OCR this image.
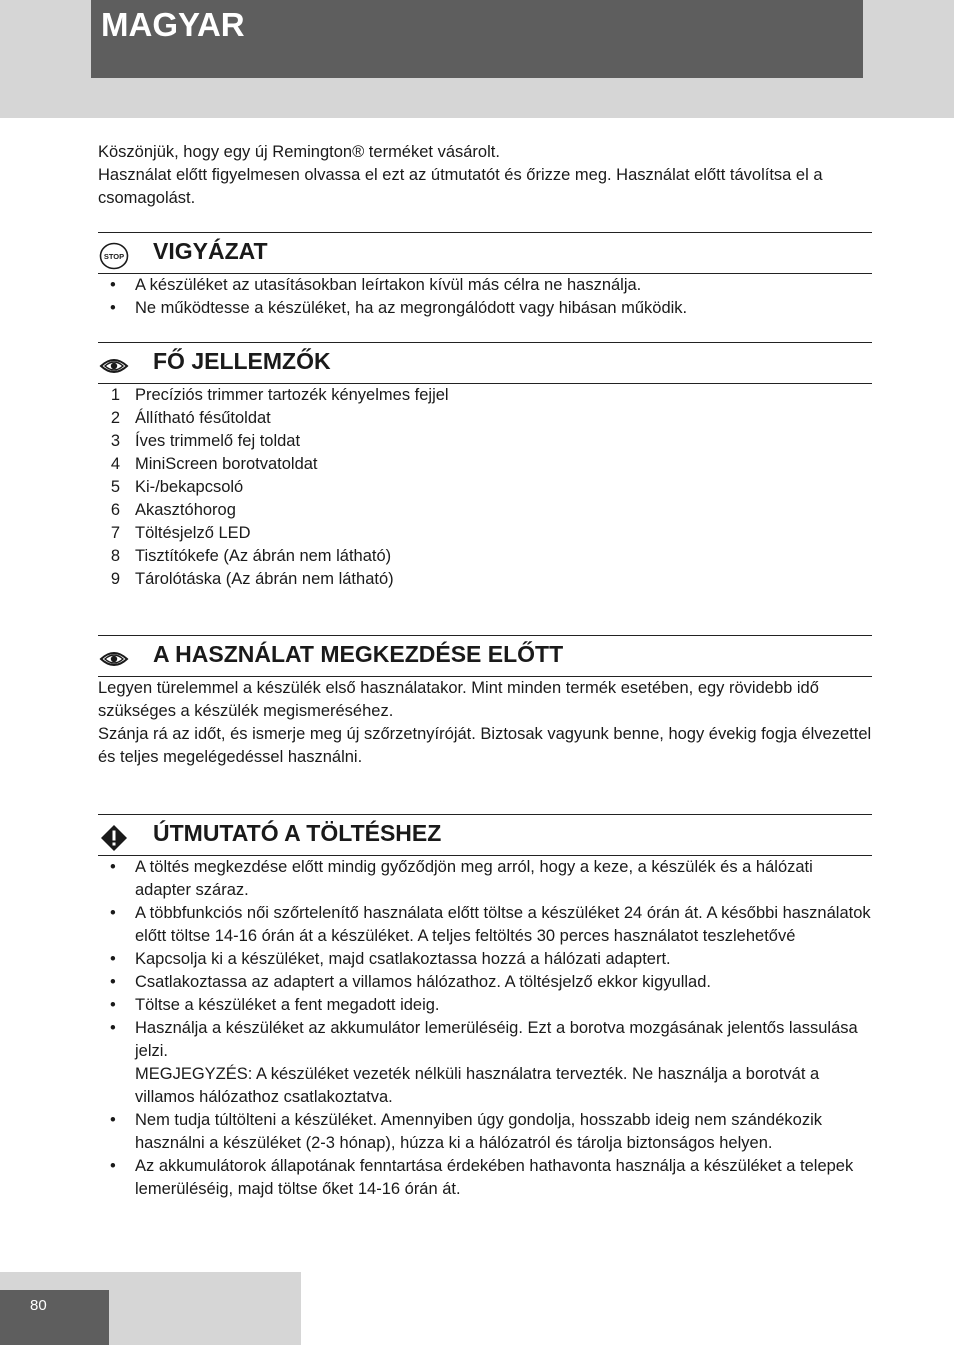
MAGYAR

Köszönjük, hogy egy új Remington® terméket vásárolt.

Használat előtt figyelmesen olvassa el ezt az útmutatót és őrizze meg. Használat előtt távolítsa el a csomagolást.

STOP VIGYÁZAT
• A készüléket az utasításokban leírtakon kívül más célra ne használja.
• Ne működtesse a készüléket, ha az megrongálódott vagy hibásan működik.
FŐ JELLEMZŐK
1 Precíziós trimmer tartozék kényelmes fejjel
2 Állítható fésűtoldat
3 Íves trimmelő fej toldat
4 MiniScreen borotvatoldat
5 Ki-/bekapcsoló
6 Akasztóhorog
7 Töltésjelző LED
8 Tisztítókefe (Az ábrán nem látható)
9 Tárolótáska (Az ábrán nem látható)
A HASZNÁLAT MEGKEZDÉSE ELŐTT

Legyen türelemmel a készülék első használatakor. Mint minden termék esetében, egy rövidebb idő szükséges a készülék megismeréséhez.

Szánja rá az időt, és ismerje meg új szőrzetnyíróját. Biztosak vagyunk benne, hogy évekig fogja élvezettel és teljes megelégedéssel használni.

ÚTMUTATÓ A TÖLTÉSHEZ
• A töltés megkezdése előtt mindig győződjön meg arról, hogy a keze, a készülék és a hálózati adapter száraz.
• A többfunkciós női szőrtelenítő használata előtt töltse a készüléket 24 órán át. A későbbi használatok előtt töltse 14-16 órán át a készüléket. A teljes feltöltés 30 perces használatot teszlehetővé
• Kapcsolja ki a készüléket, majd csatlakoztassa hozzá a hálózati adaptert.
• Csatlakoztassa az adaptert a villamos hálózathoz. A töltésjelző ekkor kigyullad.
• Töltse a készüléket a fent megadott ideig.
• Használja a készüléket az akkumulátor lemerüléséig. Ezt a borotva mozgásának jelentős lassulása jelzi.
MEGJEGYZÉS: A készüléket vezeték nélküli használatra tervezték. Ne használja a borotvát a villamos hálózathoz csatlakoztatva.
• Nem tudja túltölteni a készüléket. Amennyiben úgy gondolja, hosszabb ideig nem szándékozik használni a készüléket (2-3 hónap), húzza ki a hálózatról és tárolja biztonságos helyen.
• Az akkumulátorok állapotának fenntartása érdekében hathavonta használja a készüléket a telepek lemerüléséig, majd töltse őket 14-16 órán át.
80
